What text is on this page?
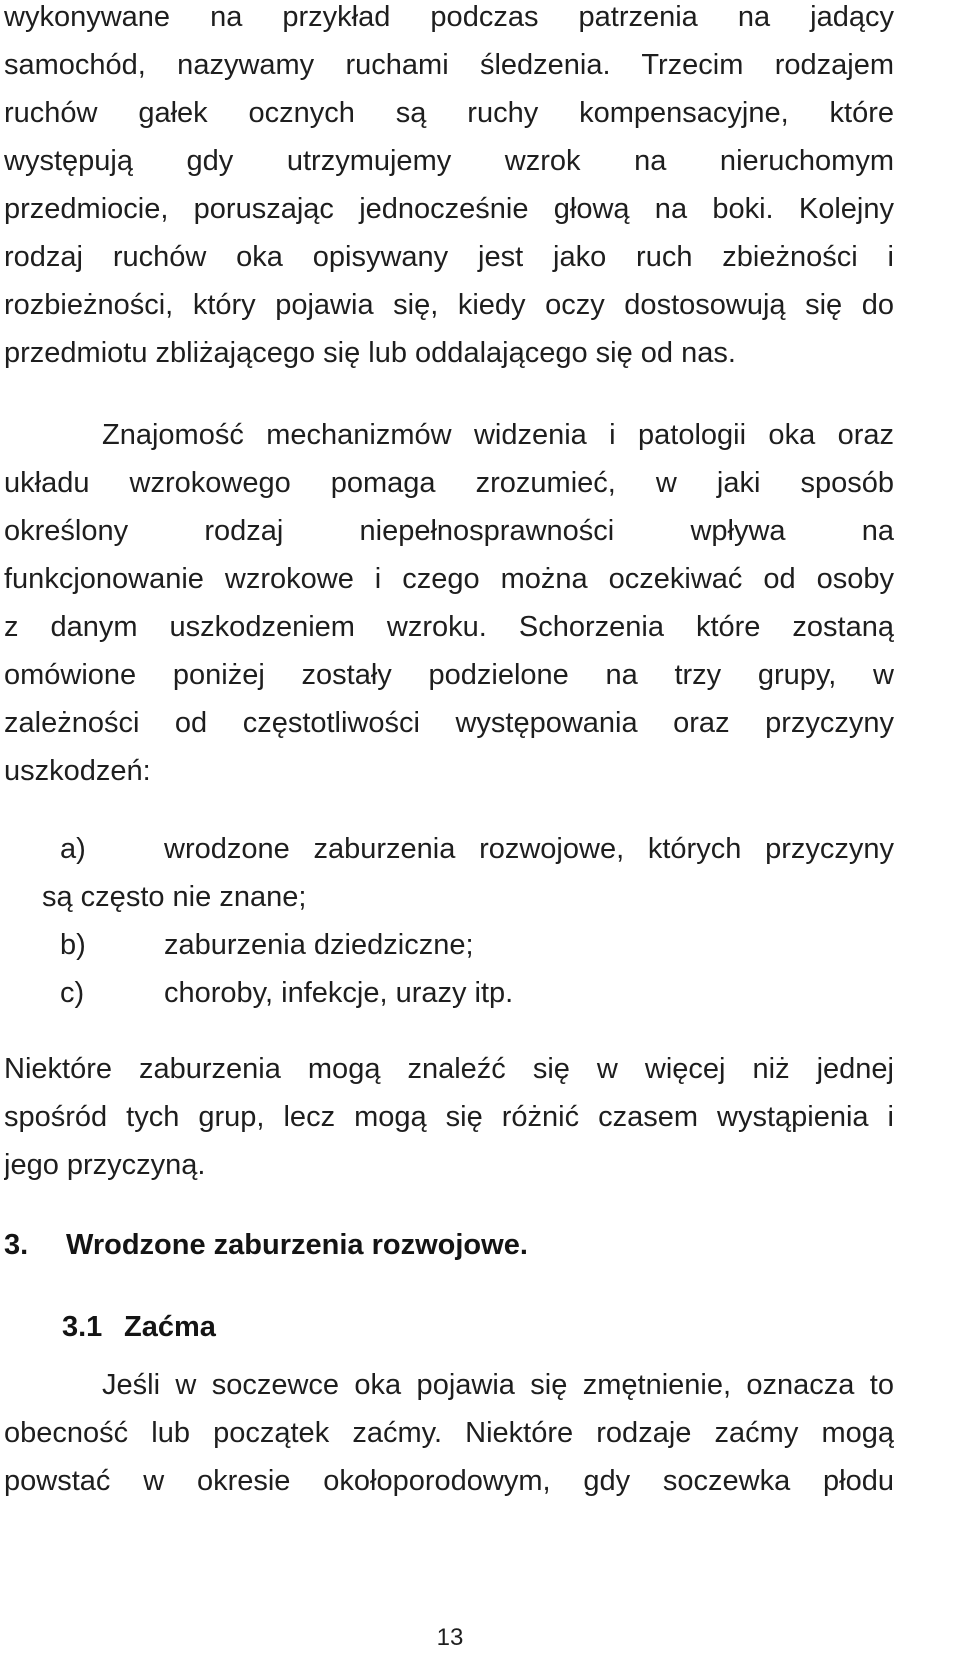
wykonywane na przykład podczas patrzenia na jadący
samochód, nazywamy ruchami śledzenia. Trzecim rodzajem
ruchów gałek ocznych są ruchy kompensacyjne, które
występują gdy utrzymujemy wzrok na nieruchomym
przedmiocie, poruszając jednocześnie głową na boki. Kolejny
rodzaj ruchów oka opisywany jest jako ruch zbieżności i
rozbieżności, który pojawia się, kiedy oczy dostosowują się do
przedmiotu zbliżającego się lub oddalającego się od nas.
Znajomość mechanizmów widzenia i patologii oka oraz
układu wzrokowego pomaga zrozumieć, w jaki sposób
określony rodzaj niepełnosprawności wpływa na
funkcjonowanie wzrokowe i czego można oczekiwać od osoby
z danym uszkodzeniem wzroku. Schorzenia które zostaną
omówione poniżej zostały podzielone na trzy grupy, w
zależności od częstotliwości występowania oraz przyczyny
uszkodzeń:
a)	wrodzone zaburzenia rozwojowe, których przyczyny
są często nie znane;
b)	zaburzenia dziedziczne;
c)	choroby, infekcje, urazy itp.
Niektóre zaburzenia mogą znaleźć się w więcej niż jednej
spośród tych grup, lecz mogą się różnić czasem wystąpienia i
jego przyczyną.
3. Wrodzone zaburzenia rozwojowe.
3.1 Zaćma
Jeśli w soczewce oka pojawia się zmętnienie, oznacza to
obecność lub początek zaćmy. Niektóre rodzaje zaćmy mogą
powstać w okresie okołoporodowym, gdy soczewka płodu
13
